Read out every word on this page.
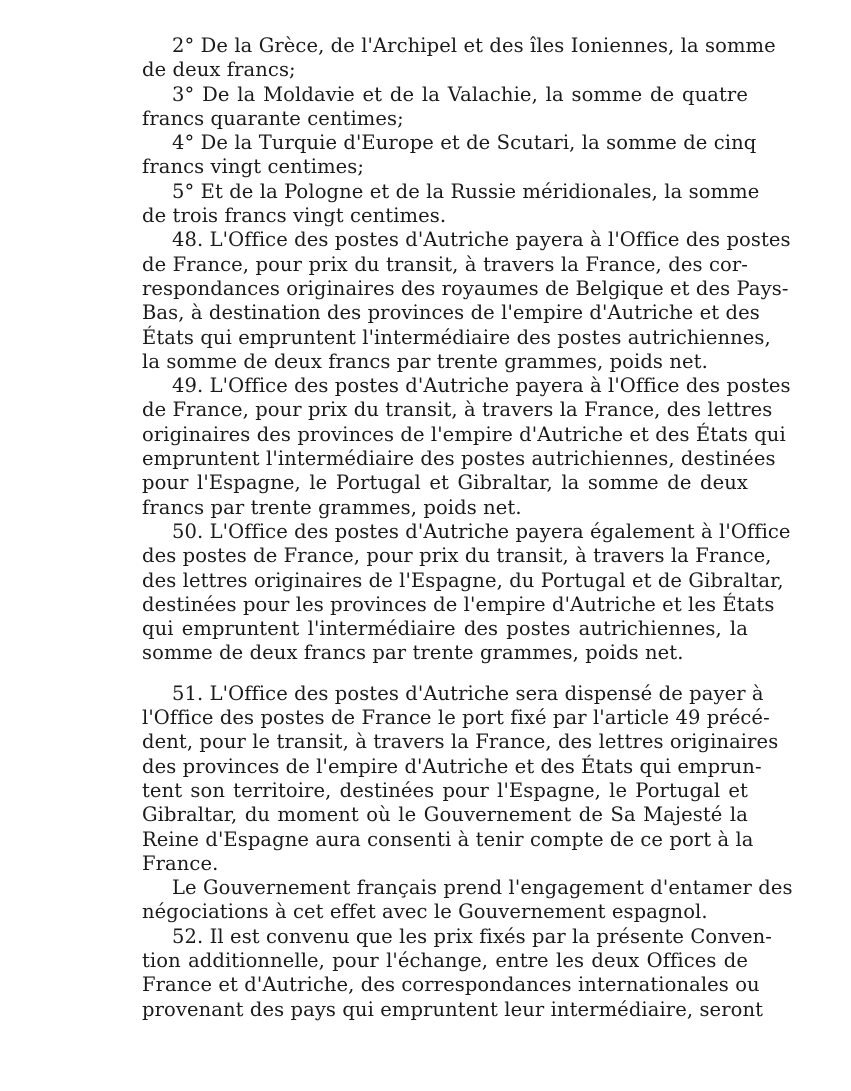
2° De la Grèce, de l'Archipel et des îles Ioniennes, la somme
de deux francs;
3° De la Moldavie et de la Valachie, la somme de quatre
francs quarante centimes;
4° De la Turquie d'Europe et de Scutari, la somme de cinq
francs vingt centimes;
5° Et de la Pologne et de la Russie méridionales, la somme
de trois francs vingt centimes.
48. L'Office des postes d'Autriche payera à l'Office des postes
de France, pour prix du transit, à travers la France, des cor-
respondances originaires des royaumes de Belgique et des Pays-
Bas, à destination des provinces de l'empire d'Autriche et des
États qui empruntent l'intermédiaire des postes autrichiennes,
la somme de deux francs par trente grammes, poids net.
49. L'Office des postes d'Autriche payera à l'Office des postes
de France, pour prix du transit, à travers la France, des lettres
originaires des provinces de l'empire d'Autriche et des États qui
empruntent l'intermédiaire des postes autrichiennes, destinées
pour l'Espagne, le Portugal et Gibraltar, la somme de deux
francs par trente grammes, poids net.
50. L'Office des postes d'Autriche payera également à l'Office
des postes de France, pour prix du transit, à travers la France,
des lettres originaires de l'Espagne, du Portugal et de Gibraltar,
destinées pour les provinces de l'empire d'Autriche et les États
qui empruntent l'intermédiaire des postes autrichiennes, la
somme de deux francs par trente grammes, poids net.
51. L'Office des postes d'Autriche sera dispensé de payer à
l'Office des postes de France le port fixé par l'article 49 précé-
dent, pour le transit, à travers la France, des lettres originaires
des provinces de l'empire d'Autriche et des États qui emprun-
tent son territoire, destinées pour l'Espagne, le Portugal et
Gibraltar, du moment où le Gouvernement de Sa Majesté la
Reine d'Espagne aura consenti à tenir compte de ce port à la
France.
Le Gouvernement français prend l'engagement d'entamer des
négociations à cet effet avec le Gouvernement espagnol.
52. Il est convenu que les prix fixés par la présente Conven-
tion additionnelle, pour l'échange, entre les deux Offices de
France et d'Autriche, des correspondances internationales ou
provenant des pays qui empruntent leur intermédiaire, seront
